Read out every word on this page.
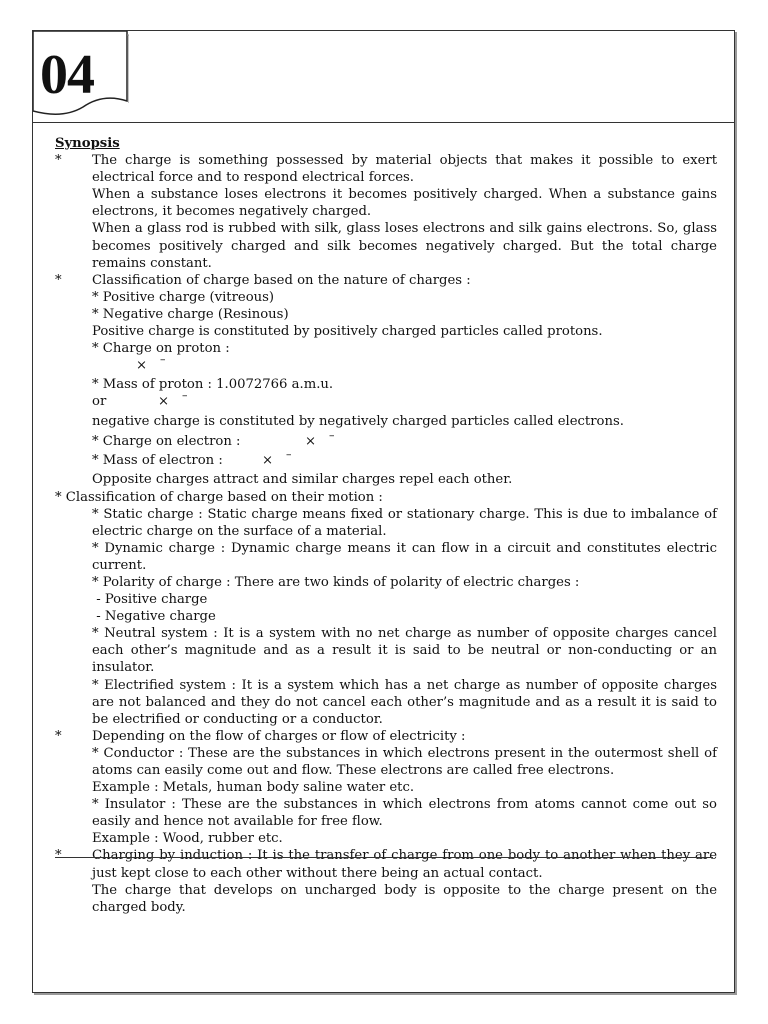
04
Synopsis
* The charge is something possessed by material objects that makes it possible to exert electrical force and to respond electrical forces.
When a substance loses electrons it becomes positively charged. When a substance gains electrons, it becomes negatively charged.
When a glass rod is rubbed with silk, glass loses electrons and silk gains electrons. So, glass becomes positively charged and silk becomes negatively charged. But the total charge remains constant.
* Classification of charge based on the nature of charges :
* Positive charge (vitreous)
* Negative charge (Resinous)
Positive charge is constituted by positively charged particles called protons.
* Charge on proton :
× –
* Mass of proton : 1.0072766 a.m.u.
or	× –
negative charge is constituted by negatively charged particles called electrons.
* Charge on electron :	× –
* Mass of electron :	× –
Opposite charges attract and similar charges repel each other.
* Classification of charge based on their motion :
* Static charge : Static charge means fixed or stationary charge. This is due to imbalance of electric charge on the surface of a material.
* Dynamic charge : Dynamic charge means it can flow in a circuit and constitutes electric current.
* Polarity of charge : There are two kinds of polarity of electric charges :
- Positive charge
- Negative charge
* Neutral system : It is a system with no net charge as number of opposite charges cancel each other’s magnitude and as a result it is said to be neutral or non-conducting or an insulator.
* Electrified system : It is a system which has a net charge as number of opposite charges are not balanced and they do not cancel each other’s magnitude and as a result it is said to be electrified or conducting or a conductor.
* Depending on the flow of charges or flow of electricity :
* Conductor : These are the substances in which electrons present in the outermost shell of atoms can easily come out and flow. These electrons are called free electrons.
Example : Metals, human body saline water etc.
* Insulator : These are the substances in which electrons from atoms cannot come out so easily and hence not available for free flow.
Example : Wood, rubber etc.
* Charging by induction : It is the transfer of charge from one body to another when they are just kept close to each other without there being an actual contact.
The charge that develops on uncharged body is opposite to the charge present on the charged body.
